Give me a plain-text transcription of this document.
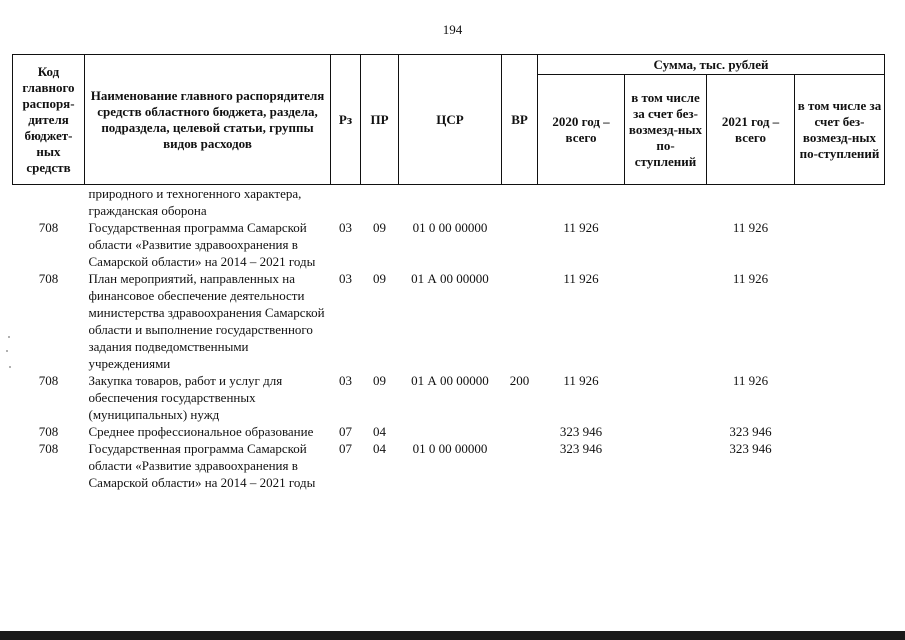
194
Код главного распоря-дителя бюджет-ных средств	Наименование главного распорядителя средств областного бюджета, раздела, подраздела, целевой статьи, группы видов расходов	Рз	ПР	ЦСР	ВР	Сумма, тыс. рублей			
						2020 год – всего	в том числе за счет без-возмезд-ных по-ступлений	2021 год – всего	в том числе за счет без-возмезд-ных по-ступлений
	природного и техногенного характера, гражданская оборона								
708	Государственная программа Самарской области «Развитие здравоохранения в Самарской области» на 2014 – 2021 годы	03	09	01 0 00 00000		11 926		11 926	
708	План мероприятий, направленных на финансовое обеспечение деятельности министерства здравоохранения Самарской области и выполнение государственного задания подведомственными учреждениями	03	09	01 А 00 00000		11 926		11 926	
708	Закупка товаров, работ и услуг для обеспечения государственных (муниципальных) нужд	03	09	01 А 00 00000	200	11 926		11 926	
708	Среднее профессиональное образование	07	04			323 946		323 946	
708	Государственная программа Самарской области «Развитие здравоохранения в Самарской области» на 2014 – 2021 годы	07	04	01 0 00 00000		323 946		323 946	
